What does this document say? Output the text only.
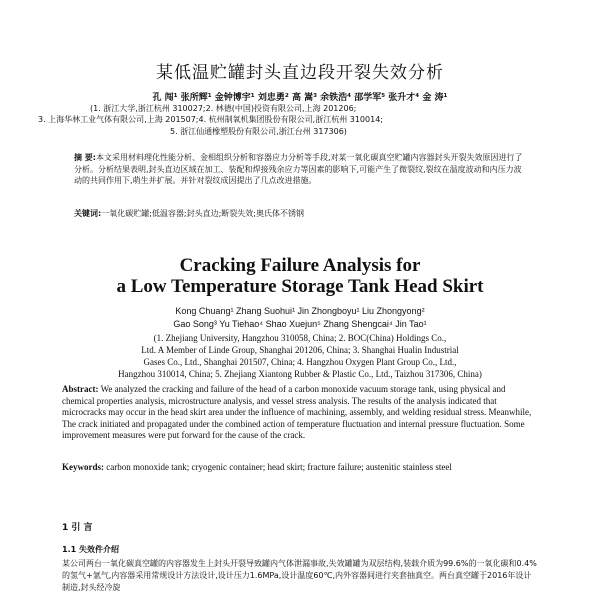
某低温贮罐封头直边段开裂失效分析
孔 闯¹ 张所辉¹ 金钟博宇¹ 刘忠勇² 高 嵩³ 余铁浩⁴ 邵学军⁵ 张升才⁴ 金 涛¹
(1. 浙江大学,浙江杭州 310027;2. 林德(中国)投资有限公司,上海 201206;
3. 上海华林工业气体有限公司,上海 201507;4. 杭州制氧机集团股份有限公司,浙江杭州 310014;
5. 浙江仙通橡塑股份有限公司,浙江台州 317306)
摘 要:本文采用材料理化性能分析、金相组织分析和容器应力分析等手段,对某一氧化碳真空贮罐内容器封头开裂失效原因进行了分析。分析结果表明,封头直边区域在加工、装配和焊接残余应力等因素的影响下,可能产生了微裂纹,裂纹在温度波动和内压力波动的共同作用下,萌生并扩展。并针对裂纹成因提出了几点改进措施。
关键词:一氧化碳贮罐;低温容器;封头直边;断裂失效;奥氏体不锈钢
Cracking Failure Analysis for
a Low Temperature Storage Tank Head Skirt
Kong Chuang¹ Zhang Suohui¹ Jin Zhongboyu¹ Liu Zhongyong²
Gao Song³ Yu Tiehao⁴ Shao Xuejun⁵ Zhang Shengcai⁴ Jin Tao¹
(1. Zhejiang University, Hangzhou 310058, China; 2. BOC(China) Holdings Co.,
Ltd. A Member of Linde Group, Shanghai 201206, China; 3. Shanghai Hualin Industrial
Gases Co., Ltd., Shanghai 201507, China; 4. Hangzhou Oxygen Plant Group Co., Ltd.,
Hangzhou 310014, China; 5. Zhejiang Xiantong Rubber & Plastic Co., Ltd., Taizhou 317306, China)
Abstract: We analyzed the cracking and failure of the head of a carbon monoxide vacuum storage tank, using physical and chemical properties analysis, microstructure analysis, and vessel stress analysis. The results of the analysis indicated that microcracks may occur in the head skirt area under the influence of machining, assembly, and welding residual stress. Meanwhile, The crack initiated and propagated under the combined action of temperature fluctuation and internal pressure fluctuation. Some improvement measures were put forward for the cause of the crack.
Keywords: carbon monoxide tank; cryogenic container; head skirt; fracture failure; austenitic stainless steel
1 引 言
1.1 失效件介绍
某公司两台一氧化碳真空罐的内容器发生上封头开裂导致罐内气体泄漏事故,失效罐罐为双层结构,装载介质为99.6%的一氧化碳和0.4%的氢气+氩气,内容器采用常规设计方法设计,设计压力1.6MPa,设计温度60℃,内外容器间进行夹套抽真空。两台真空罐于2016年设计制造,封头经冷旋
